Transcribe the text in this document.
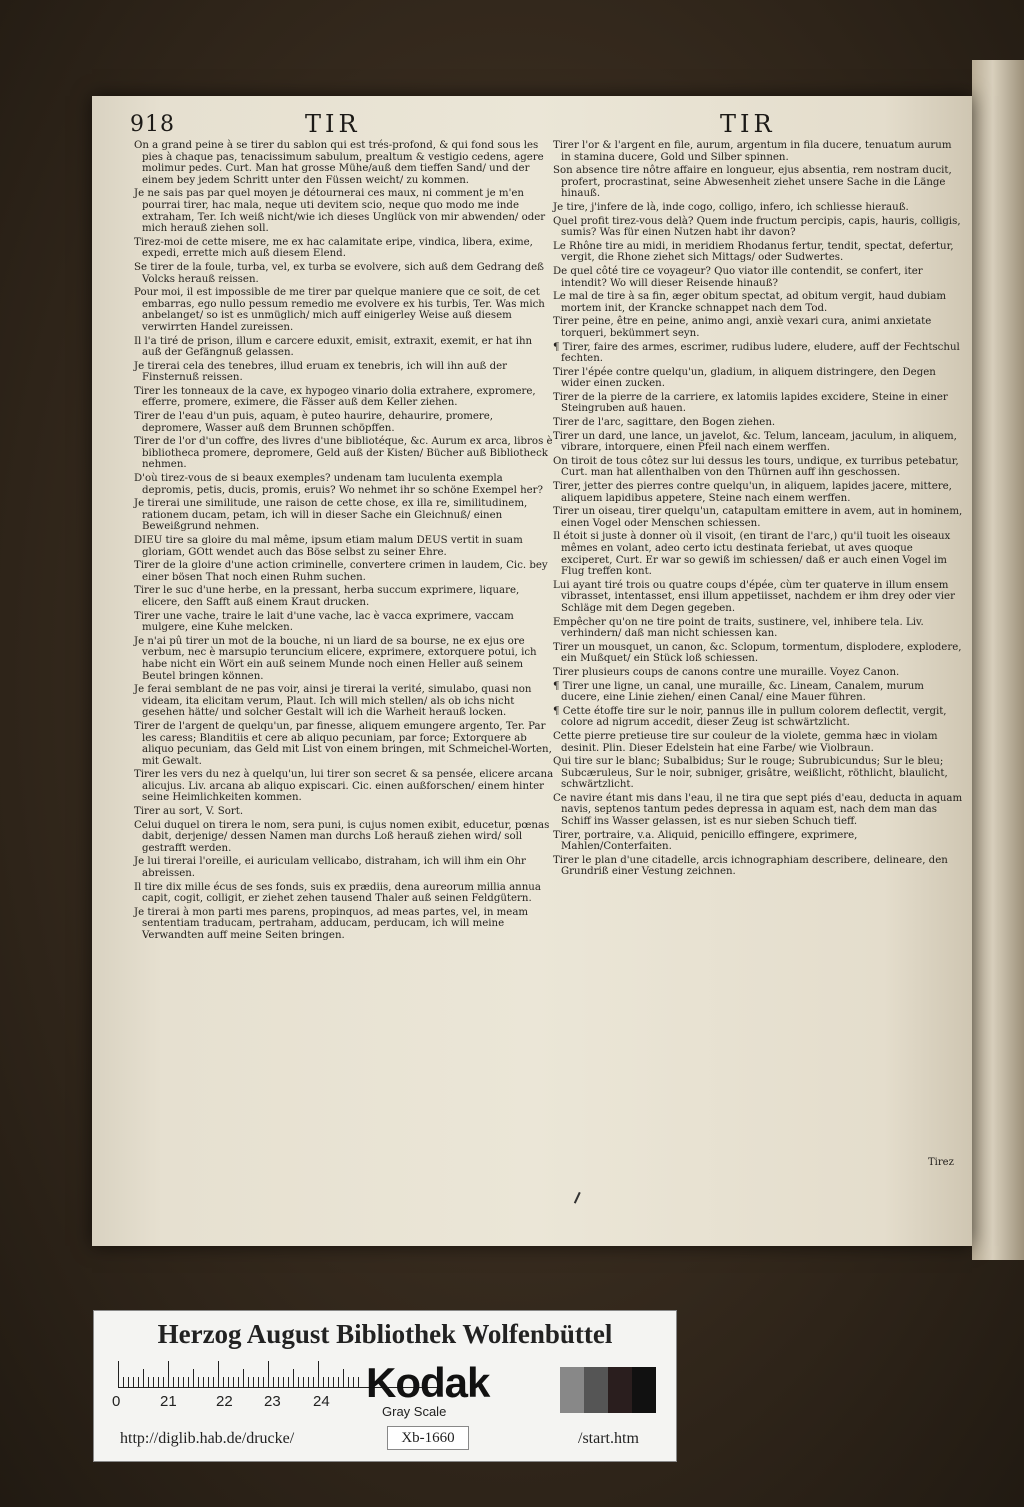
918	TIR	TIR
On a grand peine à se tirer du sablon qui est trés-profond, & qui fond sous les pies à chaque pas, tenacissimum sabulum, prealtum & vestigio cedens, agere molimur pedes. Curt. Man hat grosse Mühe/auß dem tieffen Sand/ und der einem bey jedem Schritt unter den Füssen weicht/ zu kommen.
Je ne sais pas par quel moyen je détournerai ces maux, ni comment je m'en pourrai tirer, hac mala, neque uti devitem scio, neque quo modo me inde extraham, Ter. Ich weiß nicht/wie ich dieses Unglück von mir abwenden/ oder mich herauß ziehen soll.
Tirez-moi de cette misere, me ex hac calamitate eripe, vindica, libera, exime, expedi, errette mich auß diesem Elend.
Se tirer de la foule, turba, vel, ex turba se evolvere, sich auß dem Gedrang deß Volcks herauß reissen.
Pour moi, il est impossible de me tirer par quelque maniere que ce soit, de cet embarras, ego nullo pessum remedio me evolvere ex his turbis, Ter. Was mich anbelanget/ so ist es unmüglich/ mich auff einigerley Weise auß diesem verwirrten Handel zureissen.
Il l'a tiré de prison, illum e carcere eduxit, emisit, extraxit, exemit, er hat ihn auß der Gefängnuß gelassen.
Je tirerai cela des tenebres, illud eruam ex tenebris, ich will ihn auß der Finsternuß reissen.
Tirer les tonneaux de la cave, ex hypogeo vinario dolia extrahere, expromere, efferre, promere, eximere, die Fässer auß dem Keller ziehen.
Tirer de l'eau d'un puis, aquam, è puteo haurire, dehaurire, promere, depromere, Wasser auß dem Brunnen schöpffen.
Tirer de l'or d'un coffre, des livres d'une bibliotéque, &c. Aurum ex arca, libros è bibliotheca promere, depromere, Geld auß der Kisten/ Bücher auß Bibliotheck nehmen.
D'où tirez-vous de si beaux exemples? undenam tam luculenta exempla depromis, petis, ducis, promis, eruis? Wo nehmet ihr so schöne Exempel her?
Je tirerai une similitude, une raison de cette chose, ex illa re, similitudinem, rationem ducam, petam, ich will in dieser Sache ein Gleichnuß/ einen Beweißgrund nehmen.
DIEU tire sa gloire du mal même, ipsum etiam malum DEUS vertit in suam gloriam, GOtt wendet auch das Böse selbst zu seiner Ehre.
Tirer de la gloire d'une action criminelle, convertere crimen in laudem, Cic. bey einer bösen That noch einen Ruhm suchen.
Tirer le suc d'une herbe, en la pressant, herba succum exprimere, liquare, elicere, den Safft auß einem Kraut drucken.
Tirer une vache, traire le lait d'une vache, lac è vacca exprimere, vaccam mulgere, eine Kuhe melcken.
Je n'ai pû tirer un mot de la bouche, ni un liard de sa bourse, ne ex ejus ore verbum, nec è marsupio teruncium elicere, exprimere, extorquere potui, ich habe nicht ein Wört ein auß seinem Munde noch einen Heller auß seinem Beutel bringen können.
Je ferai semblant de ne pas voir, ainsi je tirerai la verité, simulabo, quasi non videam, ita elicitam verum, Plaut. Ich will mich stellen/ als ob ichs nicht gesehen hätte/ und solcher Gestalt will ich die Warheit herauß locken.
Tirer de l'argent de quelqu'un, par finesse, aliquem emungere argento, Ter. Par les caress; Blanditiis et cere ab aliquo pecuniam, par force; Extorquere ab aliquo pecuniam, das Geld mit List von einem bringen, mit Schmeichel-Worten, mit Gewalt.
Tirer les vers du nez à quelqu'un, lui tirer son secret & sa pensée, elicere arcana alicujus. Liv. arcana ab aliquo expiscari. Cic. einen außforschen/ einem hinter seine Heimlichkeiten kommen.
Tirer au sort, V. Sort.
Celui duquel on tirera le nom, sera puni, is cujus nomen exibit, educetur, pœnas dabit, derjenige/ dessen Namen man durchs Loß herauß ziehen wird/ soll gestrafft werden.
Je lui tirerai l'oreille, ei auriculam vellicabo, distraham, ich will ihm ein Ohr abreissen.
Il tire dix mille écus de ses fonds, suis ex prædiis, dena aureorum millia annua capit, cogit, colligit, er ziehet zehen tausend Thaler auß seinen Feldgütern.
Je tirerai à mon parti mes parens, propinquos, ad meas partes, vel, in meam sententiam traducam, pertraham, adducam, perducam, ich will meine Verwandten auff meine Seiten bringen.
Tirer l'or & l'argent en file, aurum, argentum in fila ducere, tenuatum aurum in stamina ducere, Gold und Silber spinnen.
Son absence tire nôtre affaire en longueur, ejus absentia, rem nostram ducit, profert, procrastinat, seine Abwesenheit ziehet unsere Sache in die Länge hinauß.
Je tire, j'infere de là, inde cogo, colligo, infero, ich schliesse hierauß.
Quel profit tirez-vous delà? Quem inde fructum percipis, capis, hauris, colligis, sumis? Was für einen Nutzen habt ihr davon?
Le Rhône tire au midi, in meridiem Rhodanus fertur, tendit, spectat, defertur, vergit, die Rhone ziehet sich Mittags/ oder Sudwertes.
De quel côté tire ce voyageur? Quo viator ille contendit, se confert, iter intendit? Wo will dieser Reisende hinauß?
Le mal de tire à sa fin, æger obitum spectat, ad obitum vergit, haud dubiam mortem init, der Krancke schnappet nach dem Tod.
Tirer peine, être en peine, animo angi, anxiè vexari cura, animi anxietate torqueri, bekümmert seyn.
¶ Tirer, faire des armes, escrimer, rudibus ludere, eludere, auff der Fechtschul fechten.
Tirer l'épée contre quelqu'un, gladium, in aliquem distringere, den Degen wider einen zucken.
Tirer de la pierre de la carriere, ex latomiis lapides excidere, Steine in einer Steingruben auß hauen.
Tirer de l'arc, sagittare, den Bogen ziehen.
Tirer un dard, une lance, un javelot, &c. Telum, lanceam, jaculum, in aliquem, vibrare, intorquere, einen Pfeil nach einem werffen.
On tiroit de tous côtez sur lui dessus les tours, undique, ex turribus petebatur, Curt. man hat allenthalben von den Thürnen auff ihn geschossen.
Tirer, jetter des pierres contre quelqu'un, in aliquem, lapides jacere, mittere, aliquem lapidibus appetere, Steine nach einem werffen.
Tirer un oiseau, tirer quelqu'un, catapultam emittere in avem, aut in hominem, einen Vogel oder Menschen schiessen.
Il étoit si juste à donner où il visoit, (en tirant de l'arc,) qu'il tuoit les oiseaux mêmes en volant, adeo certo ictu destinata feriebat, ut aves quoque exciperet, Curt. Er war so gewiß im schiessen/ daß er auch einen Vogel im Flug treffen kont.
Lui ayant tiré trois ou quatre coups d'épée, cùm ter quaterve in illum ensem vibrasset, intentasset, ensi illum appetiisset, nachdem er ihm drey oder vier Schläge mit dem Degen gegeben.
Empêcher qu'on ne tire point de traits, sustinere, vel, inhibere tela. Liv. verhindern/ daß man nicht schiessen kan.
Tirer un mousquet, un canon, &c. Sclopum, tormentum, displodere, explodere, ein Mußquet/ ein Stück loß schiessen.
Tirer plusieurs coups de canons contre une muraille. Voyez Canon.
¶ Tirer une ligne, un canal, une muraille, &c. Lineam, Canalem, murum ducere, eine Linie ziehen/ einen Canal/ eine Mauer führen.
¶ Cette étoffe tire sur le noir, pannus ille in pullum colorem deflectit, vergit, colore ad nigrum accedit, dieser Zeug ist schwärtzlicht.
Cette pierre pretieuse tire sur couleur de la violete, gemma hæc in violam desinit. Plin. Dieser Edelstein hat eine Farbe/ wie Violbraun.
Qui tire sur le blanc; Subalbidus; Sur le rouge; Subrubicundus; Sur le bleu; Subcæruleus, Sur le noir, subniger, grisâtre, weißlicht, röthlicht, blaulicht, schwärtzlicht.
Ce navire étant mis dans l'eau, il ne tira que sept piés d'eau, deducta in aquam navis, septenos tantum pedes depressa in aquam est, nach dem man das Schiff ins Wasser gelassen, ist es nur sieben Schuch tieff.
Tirer, portraire, v.a. Aliquid, penicillo effingere, exprimere, Mahlen/Conterfaiten.
Tirer le plan d'une citadelle, arcis ichnographiam describere, delineare, den Grundriß einer Vestung zeichnen.
Tirez
Herzog August Bibliothek Wolfenbüttel
0	21	22 23 24 Kodak
Gray Scale
http://diglib.hab.de/drucke/	Xb-1660	/start.htm
